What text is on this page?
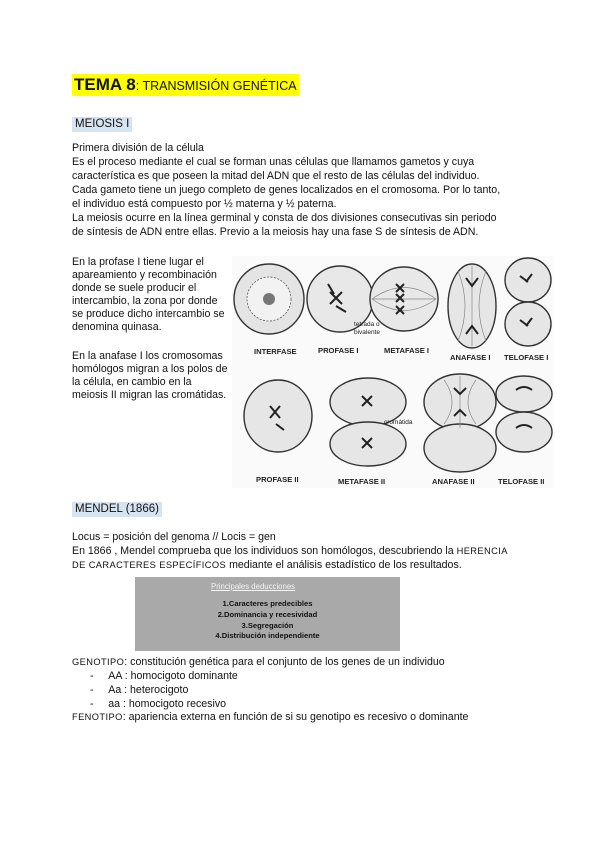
TEMA 8: TRANSMISIÓN GENÉTICA
MEIOSIS I
Primera división de la célula
Es el proceso mediante el cual se forman unas células que llamamos gametos y cuya
característica es que poseen la mitad del ADN que el resto de las células del individuo.
Cada gameto tiene un juego completo de genes localizados en el cromosoma. Por lo tanto,
el individuo está compuesto por ½ materna y ½ paterna.
La meiosis ocurre en la línea germinal y consta de dos divisiones consecutivas sin periodo
de síntesis de ADN entre ellas. Previo a la meiosis hay una fase S de síntesis de ADN.
En la profase I tiene lugar el apareamiento y recombinación donde se suele producir el intercambio, la zona por donde se produce dicho intercambio se denomina quinasa.
En la anafase I los cromosomas homólogos migran a los polos de la célula, en cambio en la meiosis II migran las cromátidas.
INTERFASE	PROFASE I	METAFASE I
ANAFASE I TELOFASE I
tetrada o
bivalente
PROFASE II	METAFASE II	ANAFASE II	TELOFASE II
cromátida
MENDEL (1866)
Locus = posición del genoma // Locis = gen
En 1866 , Mendel comprueba que los individuos son homólogos, descubriendo la HERENCIA
DE CARACTERES ESPECÍFICOS mediante el análisis estadístico de los resultados.
Principales deducciones
1.Caracteres predecibles
2.Dominancia y recesividad
3.Segregación
4.Distribución independiente
GENOTIPO: constitución genética para el conjunto de los genes de un individuo
-     AA : homocigoto dominante
-     Aa : heterocigoto
-     aa : homocigoto recesivo
FENOTIPO: apariencia externa en función de si su genotipo es recesivo o dominante
